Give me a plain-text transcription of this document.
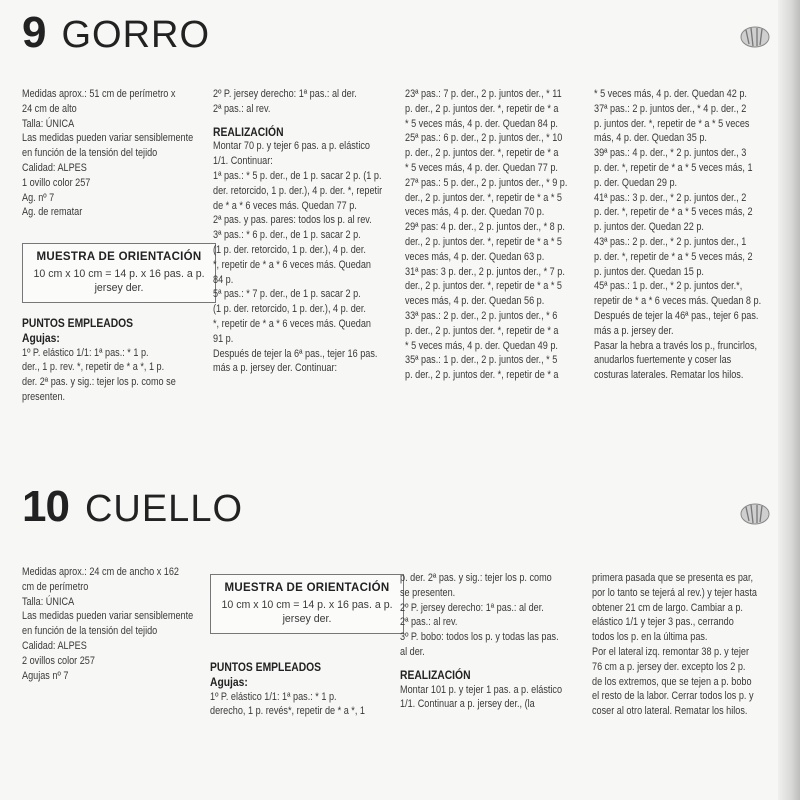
9 GORRO

Medidas aprox.: 51 cm de perímetro x

24 cm de alto

Talla: ÚNICA

Las medidas pueden variar sensiblemente

en función de la tensión del tejido

Calidad: ALPES

1 ovillo color 257

Ag. nº 7

Ag. de rematar

MUESTRA DE ORIENTACIÓN
10 cm x 10 cm = 14 p. x 16 pas. a p. jersey der.

PUNTOS EMPLEADOS

Agujas:

1º P. elástico 1/1: 1ª pas.: * 1 p.

der., 1 p. rev. *, repetir de * a *, 1 p.

der. 2ª pas. y sig.: tejer los p. como se

presenten.

2º P. jersey derecho: 1ª pas.: al der.

2ª pas.: al rev.

REALIZACIÓN

Montar 70 p. y tejer 6 pas. a p. elástico

1/1. Continuar:

1ª pas.: * 5 p. der., de 1 p. sacar 2 p. (1 p.

der. retorcido, 1 p. der.), 4 p. der. *, repetir

de * a * 6 veces más. Quedan 77 p.

2ª pas. y pas. pares: todos los p. al rev.

3ª pas.: * 6 p. der., de 1 p. sacar 2 p.

(1 p. der. retorcido, 1 p. der.), 4 p. der.

*, repetir de * a * 6 veces más. Quedan

84 p.

5ª pas.: * 7 p. der., de 1 p. sacar 2 p.

(1 p. der. retorcido, 1 p. der.), 4 p. der.

*, repetir de * a * 6 veces más. Quedan

91 p.

Después de tejer la 6ª pas., tejer 16 pas.

más a p. jersey der. Continuar:

23ª pas.: 7 p. der., 2 p. juntos der., * 11

p. der., 2 p. juntos der. *, repetir de * a

* 5 veces más, 4 p. der. Quedan 84 p.

25ª pas.: 6 p. der., 2 p. juntos der., * 10

p. der., 2 p. juntos der. *, repetir de * a

* 5 veces más, 4 p. der. Quedan 77 p.

27ª pas.: 5 p. der., 2 p. juntos der., * 9 p.

der., 2 p. juntos der. *, repetir de * a * 5

veces más, 4 p. der. Quedan 70 p.

29ª pas: 4 p. der., 2 p. juntos der., * 8 p.

der., 2 p. juntos der. *, repetir de * a * 5

veces más, 4 p. der. Quedan 63 p.

31ª pas: 3 p. der., 2 p. juntos der., * 7 p.

der., 2 p. juntos der. *, repetir de * a * 5

veces más, 4 p. der. Quedan 56 p.

33ª pas.: 2 p. der., 2 p. juntos der., * 6

p. der., 2 p. juntos der. *, repetir de * a

* 5 veces más, 4 p. der. Quedan 49 p.

35ª pas.: 1 p. der., 2 p. juntos der., * 5

p. der., 2 p. juntos der. *, repetir de * a

* 5 veces más, 4 p. der. Quedan 42 p.

37ª pas.: 2 p. juntos der., * 4 p. der., 2

p. juntos der. *, repetir de * a * 5 veces

más, 4 p. der. Quedan 35 p.

39ª pas.: 4 p. der., * 2 p. juntos der., 3

p. der. *, repetir de * a * 5 veces más, 1

p. der. Quedan 29 p.

41ª pas.: 3 p. der., * 2 p. juntos der., 2

p. der. *, repetir de * a * 5 veces más, 2

p. juntos der. Quedan 22 p.

43ª pas.: 2 p. der., * 2 p. juntos der., 1

p. der. *, repetir de * a * 5 veces más, 2

p. juntos der. Quedan 15 p.

45ª pas.: 1 p. der., * 2 p. juntos der.*,

repetir de * a * 6 veces más. Quedan 8 p.

Después de tejer la 46ª pas., tejer 6 pas.

más a p. jersey der.

Pasar la hebra a través los p., fruncirlos,

anudarlos fuertemente y coser las

costuras laterales. Rematar los hilos.

10 CUELLO

Medidas aprox.: 24 cm de ancho x 162

cm de perímetro

Talla: ÚNICA

Las medidas pueden variar sensiblemente

en función de la tensión del tejido

Calidad: ALPES

2 ovillos color 257

Agujas nº 7

MUESTRA DE ORIENTACIÓN
10 cm x 10 cm = 14 p. x 16 pas. a p. jersey der.

PUNTOS EMPLEADOS

Agujas:

1º P. elástico 1/1: 1ª pas.: * 1 p.

derecho, 1 p. revés*, repetir de * a *, 1

p. der. 2ª pas. y sig.: tejer los p. como

se presenten.

2º P. jersey derecho: 1ª pas.: al der.

2ª pas.: al rev.

3º P. bobo: todos los p. y todas las pas.

al der.

REALIZACIÓN

Montar 101 p. y tejer 1 pas. a p. elástico

1/1. Continuar a p. jersey der., (la

primera pasada que se presenta es par,

por lo tanto se tejerá al rev.) y tejer hasta

obtener 21 cm de largo. Cambiar a p.

elástico 1/1 y tejer 3 pas., cerrando

todos los p. en la última pas.

Por el lateral izq. remontar 38 p. y tejer

76 cm a p. jersey der. excepto los 2 p.

de los extremos, que se tejen a p. bobo

el resto de la labor. Cerrar todos los p. y

coser al otro lateral. Rematar los hilos.
